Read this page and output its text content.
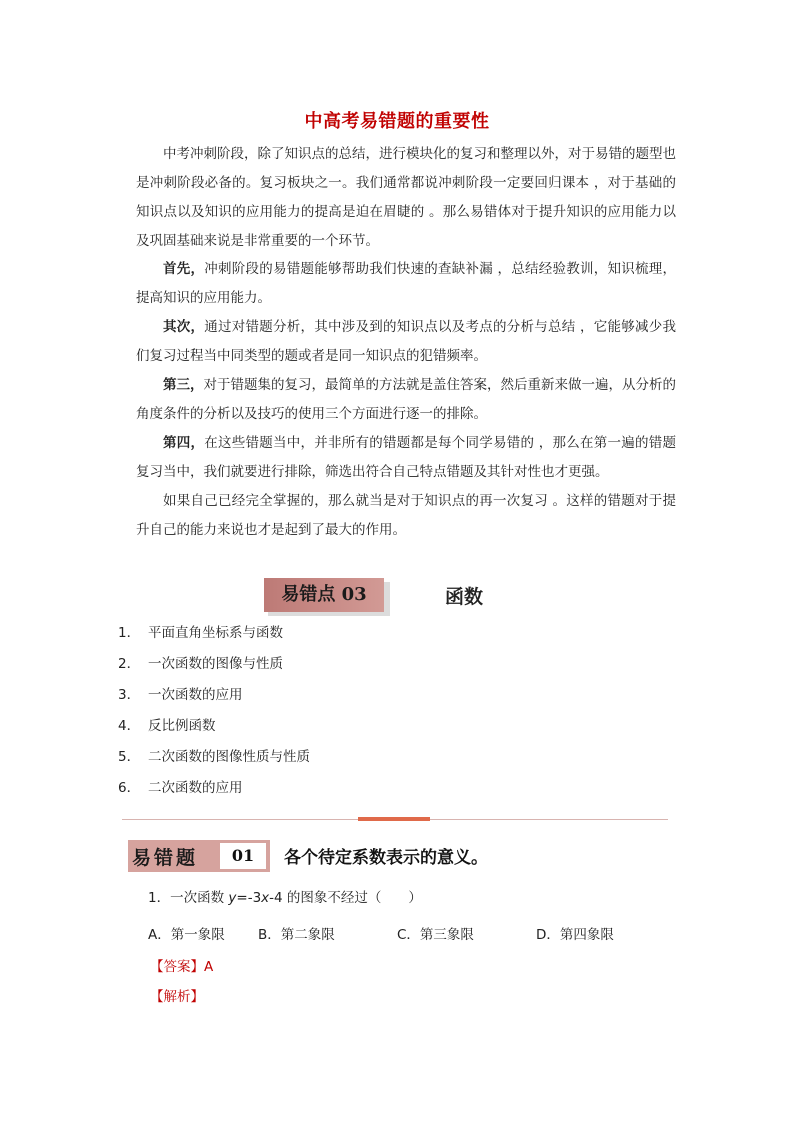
中高考易错题的重要性
中考冲刺阶段，除了知识点的总结，进行模块化的复习和整理以外，对于易错的题型也是冲刺阶段必备的。复习板块之一。我们通常都说冲刺阶段一定要回归课本 ，对于基础的知识点以及知识的应用能力的提高是迫在眉睫的 。那么易错体对于提升知识的应用能力以及巩固基础来说是非常重要的一个环节。
首先，冲刺阶段的易错题能够帮助我们快速的查缺补漏 ，总结经验教训，知识梳理，提高知识的应用能力。
其次，通过对错题分析，其中涉及到的知识点以及考点的分析与总结 ，它能够减少我们复习过程当中同类型的题或者是同一知识点的犯错频率。
第三，对于错题集的复习，最简单的方法就是盖住答案，然后重新来做一遍，从分析的角度条件的分析以及技巧的使用三个方面进行逐一的排除。
第四，在这些错题当中，并非所有的错题都是每个同学易错的 ，那么在第一遍的错题复习当中，我们就要进行排除，筛选出符合自己特点错题及其针对性也才更强。
如果自己已经完全掌握的，那么就当是对于知识点的再一次复习 。这样的错题对于提升自己的能力来说也才是起到了最大的作用。
易错点 03	函数
1． 平面直角坐标系与函数
2． 一次函数的图像与性质
3． 一次函数的应用
4． 反比例函数
5． 二次函数的图像性质与性质
6． 二次函数的应用
易错题	01	各个待定系数表示的意义。
1．一次函数 y=-3x-4 的图象不经过（　　）
A．第一象限 B．第二象限	C．第三象限	D．第四象限
【答案】A
【解析】
